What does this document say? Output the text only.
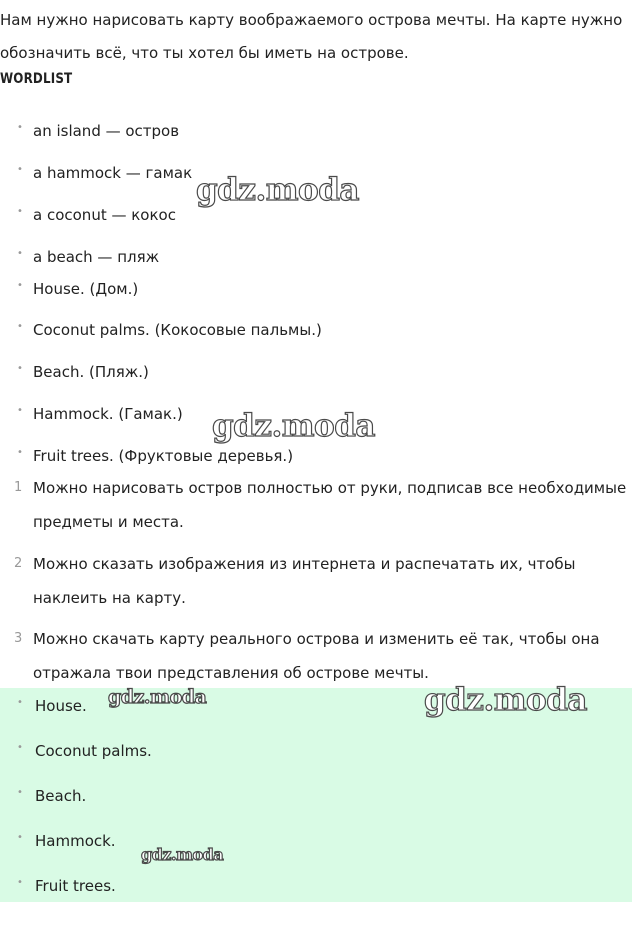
Нам нужно нарисовать карту воображаемого острова мечты. На карте нужно обозначить всё, что ты хотел бы иметь на острове.

WORDLIST
• an island — остров
• a hammock — гамак
• a coconut — кокос
• a beach — пляж
• House. (Дом.)
• Coconut palms. (Кокосовые пальмы.)
• Beach. (Пляж.)
• Hammock. (Гамак.)
• Fruit trees. (Фруктовые деревья.)
1 Можно нарисовать остров полностью от руки, подписав все необходимые предметы и места.
2 Можно сказать изображения из интернета и распечатать их, чтобы наклеить на карту.
3 Можно скачать карту реального острова и изменить её так, чтобы она отражала твои представления об острове мечты.
• House.
• Coconut palms.
• Beach.
• Hammock.
• Fruit trees.
gdz.moda
gdz.moda
gdz.moda	gdz.moda
gdz.moda
